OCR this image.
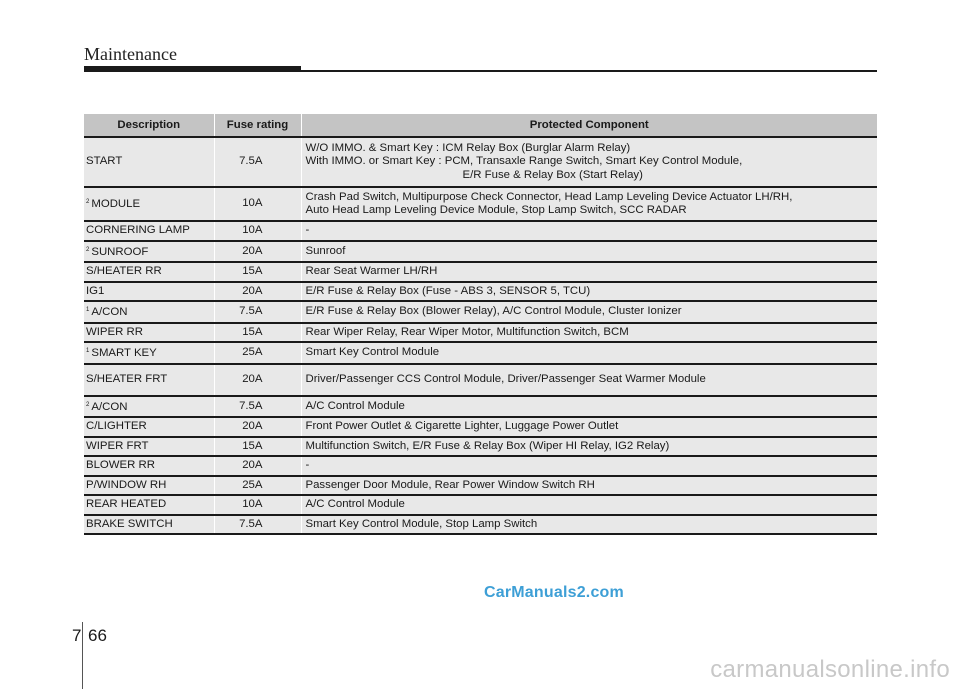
Maintenance
Description	Fuse rating	Protected Component
START	7.5A	W/O IMMO. & Smart Key : ICM Relay Box (Burglar Alarm Relay)
With IMMO. or Smart Key : PCM, Transaxle Range Switch, Smart Key Control Module,
E/R Fuse & Relay Box (Start Relay)

$^2$ MODULE	10A	Crash Pad Switch, Multipurpose Check Connector, Head Lamp Leveling Device Actuator LH/RH,
Auto Head Lamp Leveling Device Module, Stop Lamp Switch, SCC RADAR

CORNERING LAMP	10A	-

$^2$ SUNROOF	20A	Sunroof

S/HEATER RR	15A	Rear Seat Warmer LH/RH

IG1	20A	E/R Fuse & Relay Box (Fuse - ABS 3, SENSOR 5, TCU)

$^1$ A/CON	7.5A	E/R Fuse & Relay Box (Blower Relay), A/C Control Module, Cluster Ionizer

WIPER RR	15A	Rear Wiper Relay, Rear Wiper Motor, Multifunction Switch, BCM

$^1$ SMART KEY	25A	Smart Key Control Module

S/HEATER FRT	20A	Driver/Passenger CCS Control Module, Driver/Passenger Seat Warmer Module

$^2$ A/CON	7.5A	A/C Control Module

C/LIGHTER	20A	Front Power Outlet & Cigarette Lighter, Luggage Power Outlet

WIPER FRT	15A	Multifunction Switch, E/R Fuse & Relay Box (Wiper HI Relay, IG2 Relay)

BLOWER RR	20A	-

P/WINDOW RH	25A	Passenger Door Module, Rear Power Window Switch RH

REAR HEATED	10A	A/C Control Module

BRAKE SWITCH	7.5A	Smart Key Control Module, Stop Lamp Switch
CarManuals2.com
7 66
carmanualsonline.info
